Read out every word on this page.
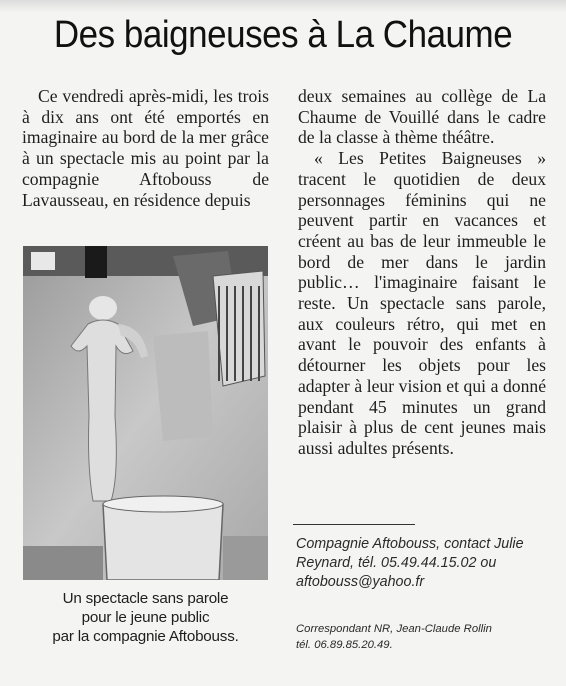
Des baigneuses à La Chaume

Ce vendredi après-midi, les trois à dix ans ont été emportés en imaginaire au bord de la mer grâce à un spectacle mis au point par la compagnie Aftobouss de Lavausseau, en résidence depuis

Un spectacle sans parole
pour le jeune public
par la compagnie Aftobouss.

deux semaines au collège de La Chaume de Vouillé dans le cadre de la classe à thème théâtre.

« Les Petites Baigneuses » tracent le quotidien de deux personnages féminins qui ne peuvent partir en vacances et créent au bas de leur immeuble le bord de mer dans le jardin public… l'imaginaire faisant le reste. Un spectacle sans parole, aux couleurs rétro, qui met en avant le pouvoir des enfants à détourner les objets pour les adapter à leur vision et qui a donné pendant 45 minutes un grand plaisir à plus de cent jeunes mais aussi adultes présents.

Compagnie Aftobouss, contact Julie
Reynard, tél. 05.49.44.15.02 ou
aftobouss@yahoo.fr
Correspondant NR, Jean-Claude Rollin
tél. 06.89.85.20.49.
